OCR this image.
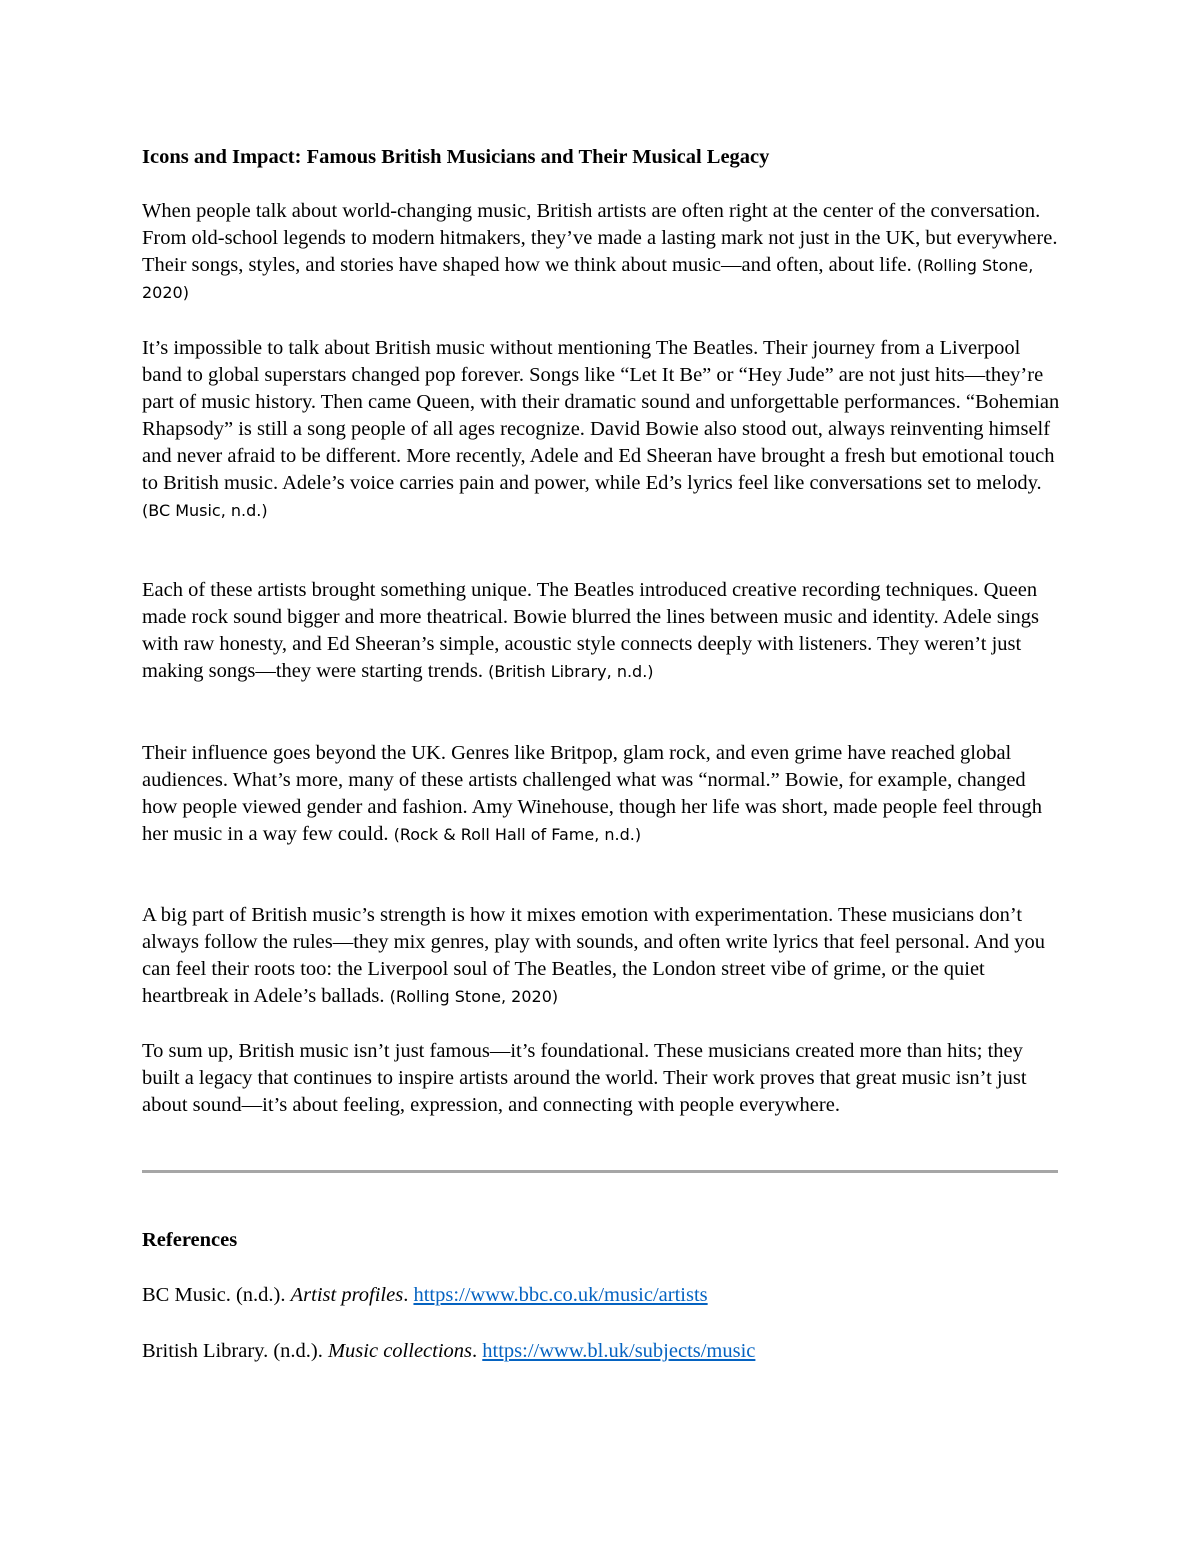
Icons and Impact: Famous British Musicians and Their Musical Legacy

When people talk about world-changing music, British artists are often right at the center of the conversation. From old-school legends to modern hitmakers, they’ve made a lasting mark not just in the UK, but everywhere. Their songs, styles, and stories have shaped how we think about music—and often, about life. (Rolling Stone, 2020)

It’s impossible to talk about British music without mentioning The Beatles. Their journey from a Liverpool band to global superstars changed pop forever. Songs like “Let It Be” or “Hey Jude” are not just hits—they’re part of music history. Then came Queen, with their dramatic sound and unforgettable performances. “Bohemian Rhapsody” is still a song people of all ages recognize. David Bowie also stood out, always reinventing himself and never afraid to be different. More recently, Adele and Ed Sheeran have brought a fresh but emotional touch to British music. Adele’s voice carries pain and power, while Ed’s lyrics feel like conversations set to melody. (BC Music, n.d.)

Each of these artists brought something unique. The Beatles introduced creative recording techniques. Queen made rock sound bigger and more theatrical. Bowie blurred the lines between music and identity. Adele sings with raw honesty, and Ed Sheeran’s simple, acoustic style connects deeply with listeners. They weren’t just making songs—they were starting trends. (British Library, n.d.)

Their influence goes beyond the UK. Genres like Britpop, glam rock, and even grime have reached global audiences. What’s more, many of these artists challenged what was “normal.” Bowie, for example, changed how people viewed gender and fashion. Amy Winehouse, though her life was short, made people feel through her music in a way few could. (Rock & Roll Hall of Fame, n.d.)

A big part of British music’s strength is how it mixes emotion with experimentation. These musicians don’t always follow the rules—they mix genres, play with sounds, and often write lyrics that feel personal. And you can feel their roots too: the Liverpool soul of The Beatles, the London street vibe of grime, or the quiet heartbreak in Adele’s ballads. (Rolling Stone, 2020)

To sum up, British music isn’t just famous—it’s foundational. These musicians created more than hits; they built a legacy that continues to inspire artists around the world. Their work proves that great music isn’t just about sound—it’s about feeling, expression, and connecting with people everywhere.

References

BC Music. (n.d.). Artist profiles. https://www.bbc.co.uk/music/artists

British Library. (n.d.). Music collections. https://www.bl.uk/subjects/music
